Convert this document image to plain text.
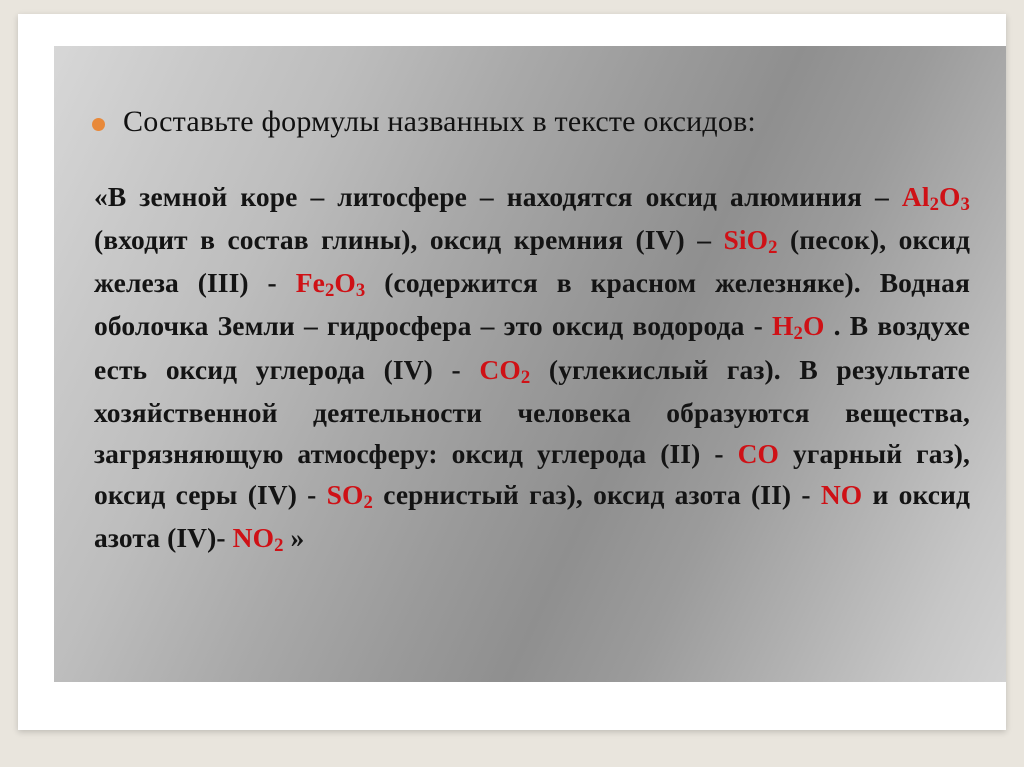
Составьте формулы названных в тексте оксидов:
«В земной коре – литосфере – находятся оксид алюминия – $Al_2O_3$ (входит в состав глины), оксид кремния (IV) – SiO$_2$ (песок), оксид железа $(III) - Fe_2O_3$ (содержится в красном железняке). Водная оболочка Земли – гидросфера – это оксид водорода - $H_2O$ . В воздухе есть оксид углерода $(IV) - CO_2$ (углекислый газ). В результате хозяйственной деятельности человека образуются вещества, загрязняющую атмосферу: оксид углерода (II) - CO угарный газ), оксид серы $(IV) - SO_2$ сернистый газ), оксид азота (II) - NO и оксид азота (IV)- $NO_2$ »
